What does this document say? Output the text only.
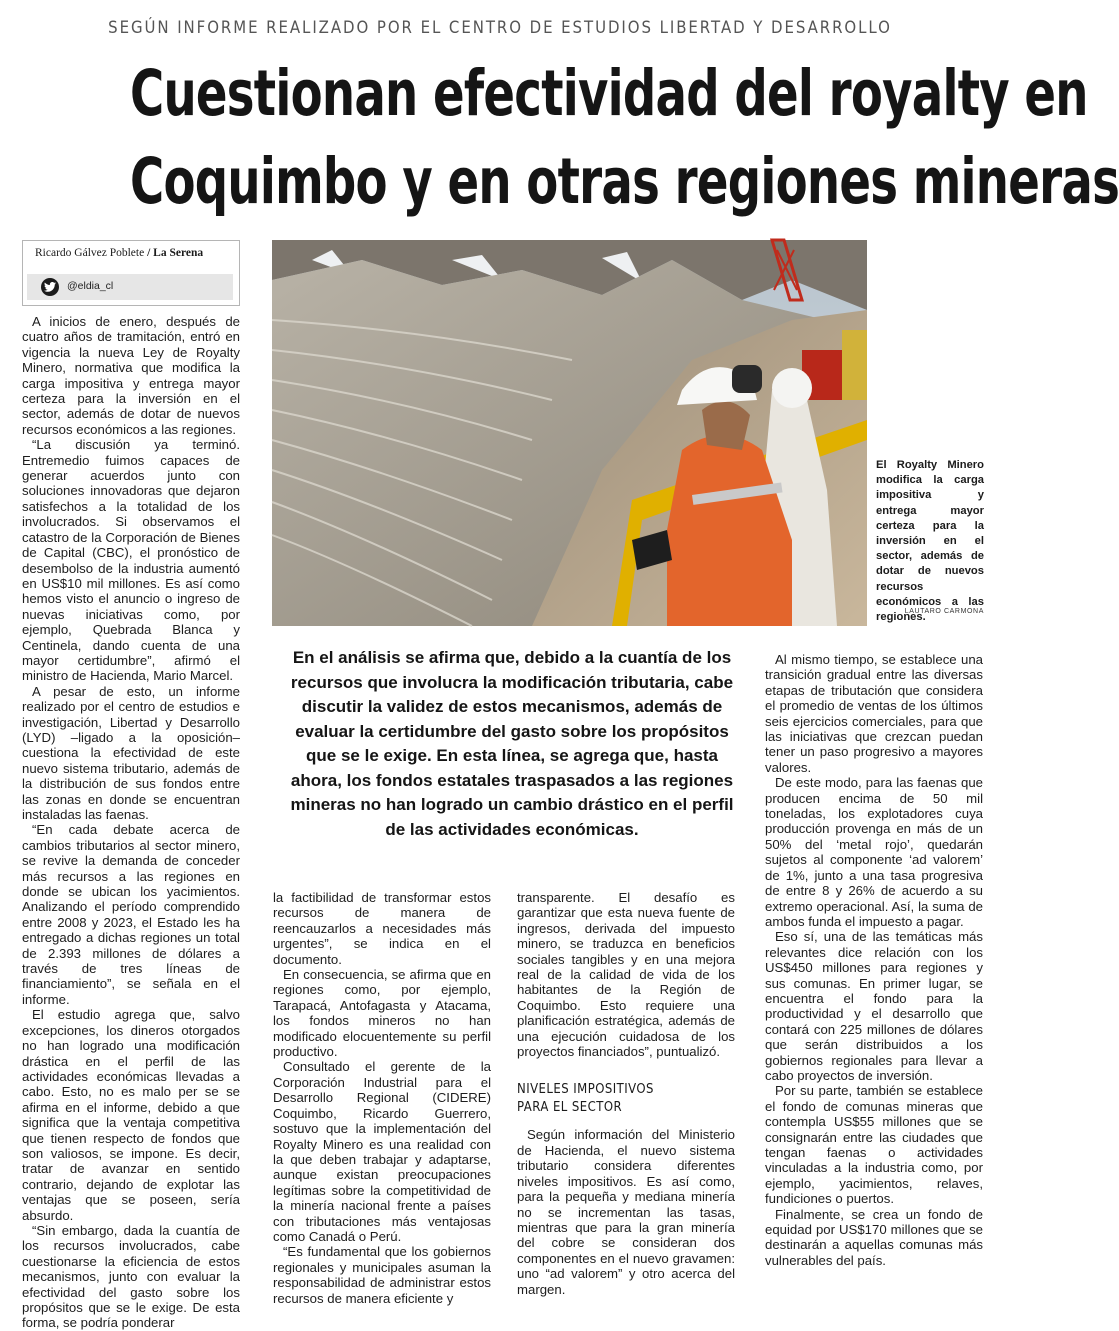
SEGÚN INFORME REALIZADO POR EL CENTRO DE ESTUDIOS LIBERTAD Y DESARROLLO
Cuestionan efectividad del royalty en
Coquimbo y en otras regiones mineras
Ricardo Gálvez Poblete / La Serena
@eldia_cl

A inicios de enero, después de cuatro años de tramitación, entró en vigencia la nueva Ley de Royalty Minero, normativa que modifica la carga impositiva y entrega mayor certeza para la inversión en el sector, además de dotar de nuevos recursos económicos a las regiones.

“La discusión ya terminó. Entremedio fuimos capaces de generar acuerdos junto con soluciones innovadoras que dejaron satisfechos a la totalidad de los involucrados. Si observamos el catastro de la Corporación de Bienes de Capital (CBC), el pronóstico de desembolso de la industria aumentó en US$10 mil millones. Es así como hemos visto el anuncio o ingreso de nuevas iniciativas como, por ejemplo, Quebrada Blanca y Centinela, dando cuenta de una mayor certidumbre”, afirmó el ministro de Hacienda, Mario Marcel.

A pesar de esto, un informe realizado por el centro de estudios e investigación, Libertad y Desarrollo (LYD) –ligado a la oposición– cuestiona la efectividad de este nuevo sistema tributario, además de la distribución de sus fondos entre las zonas en donde se encuentran instaladas las faenas.

“En cada debate acerca de cambios tributarios al sector minero, se revive la demanda de conceder más recursos a las regiones en donde se ubican los yacimientos. Analizando el período comprendido entre 2008 y 2023, el Estado les ha entregado a dichas regiones un total de 2.393 millones de dólares a través de tres líneas de financiamiento”, se señala en el informe.

El estudio agrega que, salvo excepciones, los dineros otorgados no han logrado una modificación drástica en el perfil de las actividades económicas llevadas a cabo. Esto, no es malo per se se afirma en el informe, debido a que significa que la ventaja competitiva que tienen respecto de fondos que son valiosos, se impone. Es decir, tratar de avanzar en sentido contrario, dejando de explotar las ventajas que se poseen, sería absurdo.

“Sin embargo, dada la cuantía de los recursos involucrados, cabe cuestionarse la eficiencia de estos mecanismos, junto con evaluar la efectividad del gasto sobre los propósitos que se le exige. De esta forma, se podría ponderar

El Royalty Minero modifica la carga impositiva y entrega mayor certeza para la inversión en el sector, además de dotar de nuevos recursos económicos a las regiones.
LAUTARO CARMONA
En el análisis se afirma que, debido a la cuantía de los recursos que involucra la modificación tributaria, cabe discutir la validez de estos mecanismos, además de evaluar la certidumbre del gasto sobre los propósitos que se le exige. En esta línea, se agrega que, hasta ahora, los fondos estatales traspasados a las regiones mineras no han logrado un cambio drástico en el perfil de las actividades económicas.

la factibilidad de transformar estos recursos de manera de reencauzarlos a necesidades más urgentes”, se indica en el documento.

En consecuencia, se afirma que en regiones como, por ejemplo, Tarapacá, Antofagasta y Atacama, los fondos mineros no han modificado elocuentemente su perfil productivo.

Consultado el gerente de la Corporación Industrial para el Desarrollo Regional (CIDERE) Coquimbo, Ricardo Guerrero, sostuvo que la implementación del Royalty Minero es una realidad con la que deben trabajar y adaptarse, aunque existan preocupaciones legítimas sobre la competitividad de la minería nacional frente a países con tributaciones más ventajosas como Canadá o Perú.

“Es fundamental que los gobiernos regionales y municipales asuman la responsabilidad de administrar estos recursos de manera eficiente y

transparente. El desafío es garantizar que esta nueva fuente de ingresos, derivada del impuesto minero, se traduzca en beneficios sociales tangibles y en una mejora real de la calidad de vida de los habitantes de la Región de Coquimbo. Esto requiere una planificación estratégica, además de una ejecución cuidadosa de los proyectos financiados”, puntualizó.

NIVELES IMPOSITIVOS
PARA EL SECTOR

Según información del Ministerio de Hacienda, el nuevo sistema tributario considera diferentes niveles impositivos. Es así como, para la pequeña y mediana minería no se incrementan las tasas, mientras que para la gran minería del cobre se consideran dos componentes en el nuevo gravamen: uno “ad valorem” y otro acerca del margen.

Al mismo tiempo, se establece una transición gradual entre las diversas etapas de tributación que considera el promedio de ventas de los últimos seis ejercicios comerciales, para que las iniciativas que crezcan puedan tener un paso progresivo a mayores valores.

De este modo, para las faenas que producen encima de 50 mil toneladas, los explotadores cuya producción provenga en más de un 50% del ‘metal rojo’, quedarán sujetos al componente ‘ad valorem’ de 1%, junto a una tasa progresiva de entre 8 y 26% de acuerdo a su extremo operacional. Así, la suma de ambos funda el impuesto a pagar.

Eso sí, una de las temáticas más relevantes dice relación con los US$450 millones para regiones y sus comunas. En primer lugar, se encuentra el fondo para la productividad y el desarrollo que contará con 225 millones de dólares que serán distribuidos a los gobiernos regionales para llevar a cabo proyectos de inversión.

Por su parte, también se establece el fondo de comunas mineras que contempla US$55 millones que se consignarán entre las ciudades que tengan faenas o actividades vinculadas a la industria como, por ejemplo, yacimientos, relaves, fundiciones o puertos.

Finalmente, se crea un fondo de equidad por US$170 millones que se destinarán a aquellas comunas más vulnerables del país.
